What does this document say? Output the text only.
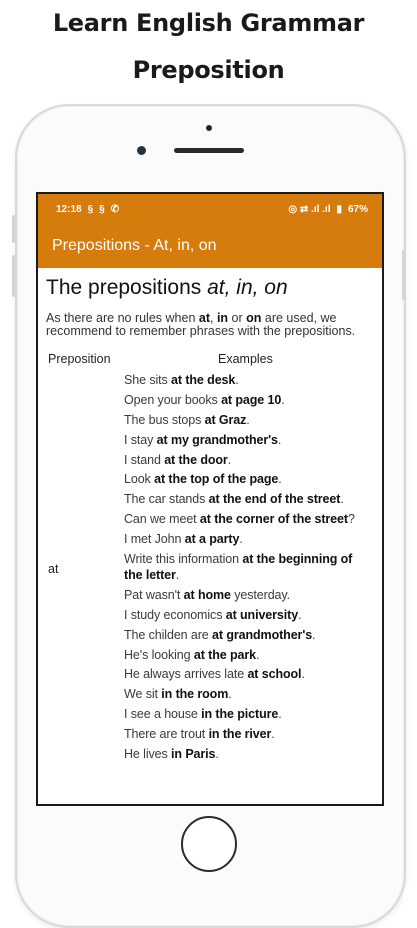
Learn English Grammar
Preposition
12:18 § § ✆	◎ ⇄ .ıl .ıl ▮ 67%
Prepositions - At, in, on
The prepositions at, in, on

As there are no rules when at, in or on are used, we recommend to remember phrases with the prepositions.

Preposition	Examples
at
She sits at the desk.
Open your books at page 10.
The bus stops at Graz.
I stay at my grandmother's.
I stand at the door.
Look at the top of the page.
The car stands at the end of the street.
Can we meet at the corner of the street?
I met John at a party.
Write this information at the beginning of the letter.
Pat wasn't at home yesterday.
I study economics at university.
The childen are at grandmother's.
He's looking at the park.
He always arrives late at school.
We sit in the room.
I see a house in the picture.
There are trout in the river.
He lives in Paris.
